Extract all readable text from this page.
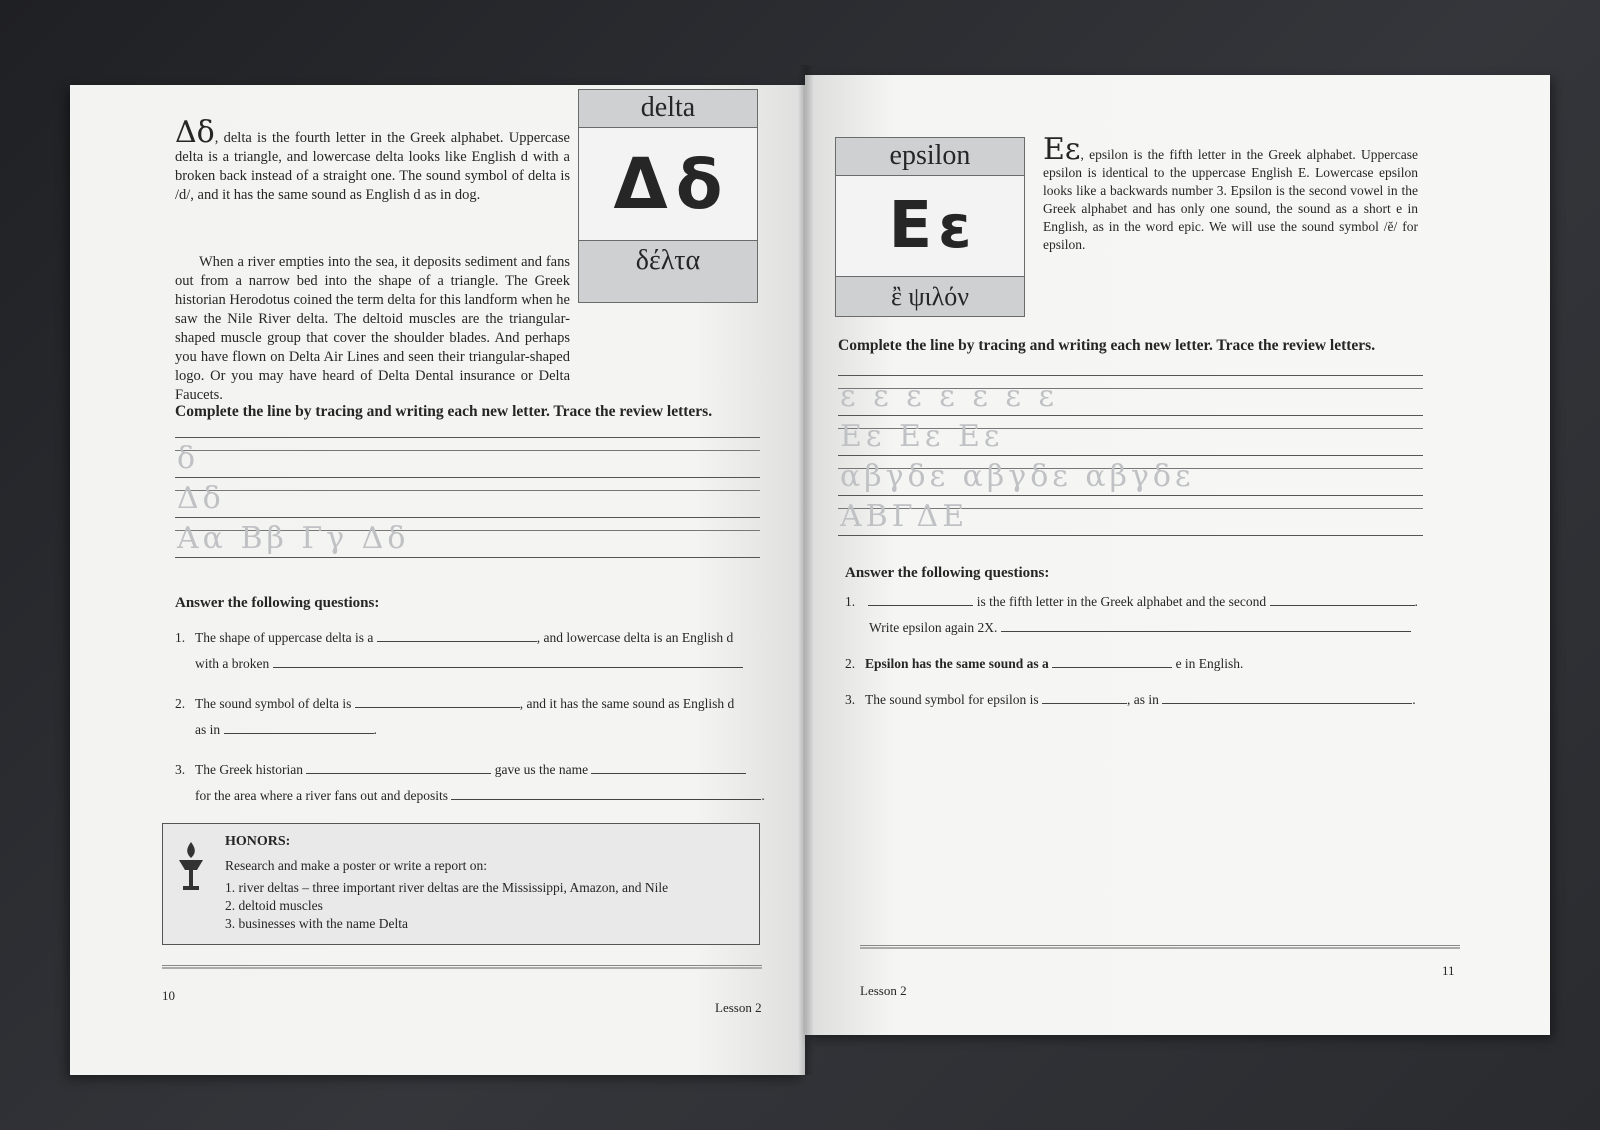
delta
Δ δ
δέλτα

Δδ, delta is the fourth letter in the Greek alphabet. Uppercase delta is a triangle, and lowercase delta looks like English d with a broken back instead of a straight one. The sound symbol of delta is /d/, and it has the same sound as English d as in dog.

When a river empties into the sea, it deposits sediment and fans out from a narrow bed into the shape of a triangle. The Greek historian Herodotus coined the term delta for this landform when he saw the Nile River delta. The deltoid muscles are the triangular-shaped muscle group that cover the shoulder blades. And perhaps you have flown on Delta Air Lines and seen their triangular-shaped logo. Or you may have heard of Delta Dental insurance or Delta Faucets.

Complete the line by tracing and writing each new letter. Trace the review letters.
δ
Δδ
Αα Ββ Γγ Δδ
Answer the following questions:
1. The shape of uppercase delta is a	, and lowercase delta is an English d
with a broken
2. The sound symbol of delta is	, and it has the same sound as English d
as in	.
3. The Greek historian	gave us the name
for the area where a river fans out and deposits	.
HONORS:
Research and make a poster or write a report on:
1. river deltas – three important river deltas are the Mississippi, Amazon, and Nile
2. deltoid muscles
3. businesses with the name Delta
10
Lesson 2
epsilon
Ε ε
ἒ ψιλόν

Εε, epsilon is the fifth letter in the Greek alphabet. Uppercase epsilon is identical to the uppercase English E. Lowercase epsilon looks like a backwards number 3. Epsilon is the second vowel in the Greek alphabet and has only one sound, the sound as a short e in English, as in the word epic. We will use the sound symbol /ĕ/ for epsilon.

Complete the line by tracing and writing each new letter. Trace the review letters.
ε ε ε ε ε ε ε
Εε Εε Εε
αβγδε αβγδε αβγδε
ΑΒΓΔΕ
Answer the following questions:
1.	is the fifth letter in the Greek alphabet and the second	.
Write epsilon again 2X.
2. Epsilon has the same sound as a	e in English.
3. The sound symbol for epsilon is	, as in	.
11
Lesson 2
